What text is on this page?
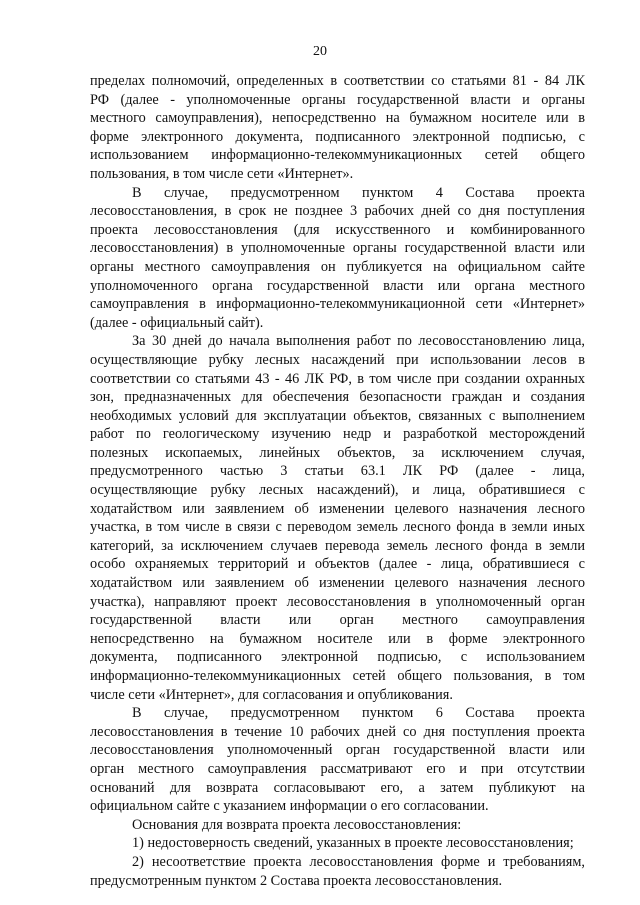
20
пределах полномочий, определенных в соответствии со статьями 81 - 84 ЛК
РФ (далее - уполномоченные органы государственной власти и органы
местного самоуправления), непосредственно на бумажном носителе или в
форме электронного документа, подписанного электронной подписью, с
использованием информационно-телекоммуникационных сетей общего
пользования, в том числе сети «Интернет».
В случае, предусмотренном пунктом 4 Состава проекта
лесовосстановления, в срок не позднее 3 рабочих дней со дня поступления
проекта лесовосстановления (для искусственного и комбинированного
лесовосстановления) в уполномоченные органы государственной власти или
органы местного самоуправления он публикуется на официальном сайте
уполномоченного органа государственной власти или органа местного
самоуправления в информационно-телекоммуникационной сети «Интернет»
(далее - официальный сайт).
За 30 дней до начала выполнения работ по лесовосстановлению лица,
осуществляющие рубку лесных насаждений при использовании лесов в
соответствии со статьями 43 - 46 ЛК РФ, в том числе при создании охранных
зон, предназначенных для обеспечения безопасности граждан и создания
необходимых условий для эксплуатации объектов, связанных с выполнением
работ по геологическому изучению недр и разработкой месторождений
полезных ископаемых, линейных объектов, за исключением случая,
предусмотренного частью 3 статьи 63.1 ЛК РФ (далее - лица,
осуществляющие рубку лесных насаждений), и лица, обратившиеся с
ходатайством или заявлением об изменении целевого назначения лесного
участка, в том числе в связи с переводом земель лесного фонда в земли иных
категорий, за исключением случаев перевода земель лесного фонда в земли
особо охраняемых территорий и объектов (далее - лица, обратившиеся с
ходатайством или заявлением об изменении целевого назначения лесного
участка), направляют проект лесовосстановления в уполномоченный орган
государственной власти или орган местного самоуправления
непосредственно на бумажном носителе или в форме электронного
документа, подписанного электронной подписью, с использованием
информационно-телекоммуникационных сетей общего пользования, в том
числе сети «Интернет», для согласования и опубликования.
В случае, предусмотренном пунктом 6 Состава проекта
лесовосстановления в течение 10 рабочих дней со дня поступления проекта
лесовосстановления уполномоченный орган государственной власти или
орган местного самоуправления рассматривают его и при отсутствии
оснований для возврата согласовывают его, а затем публикуют на
официальном сайте с указанием информации о его согласовании.
Основания для возврата проекта лесовосстановления:
1) недостоверность сведений, указанных в проекте лесовосстановления;
2) несоответствие проекта лесовосстановления форме и требованиям,
предусмотренным пунктом 2 Состава проекта лесовосстановления.
